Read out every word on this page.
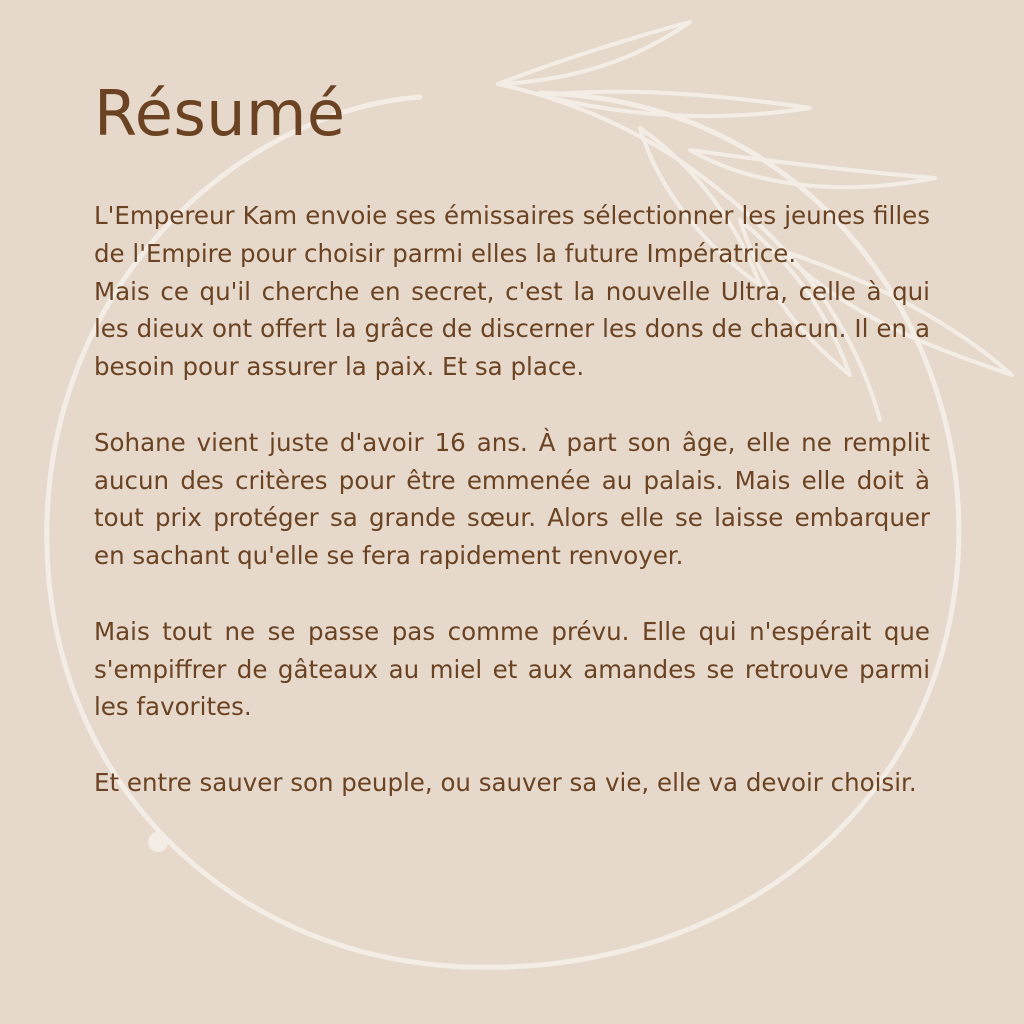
Résumé

L'Empereur Kam envoie ses émissaires sélectionner les jeunes filles de l'Empire pour choisir parmi elles la future Impératrice.

Mais ce qu'il cherche en secret, c'est la nouvelle Ultra, celle à qui les dieux ont offert la grâce de discerner les dons de chacun. Il en a besoin pour assurer la paix. Et sa place.

Sohane vient juste d'avoir 16 ans. À part son âge, elle ne remplit aucun des critères pour être emmenée au palais. Mais elle doit à tout prix protéger sa grande sœur. Alors elle se laisse embarquer en sachant qu'elle se fera rapidement renvoyer.

Mais tout ne se passe pas comme prévu. Elle qui n'espérait que s'empiffrer de gâteaux au miel et aux amandes se retrouve parmi les favorites.

Et entre sauver son peuple, ou sauver sa vie, elle va devoir choisir.
